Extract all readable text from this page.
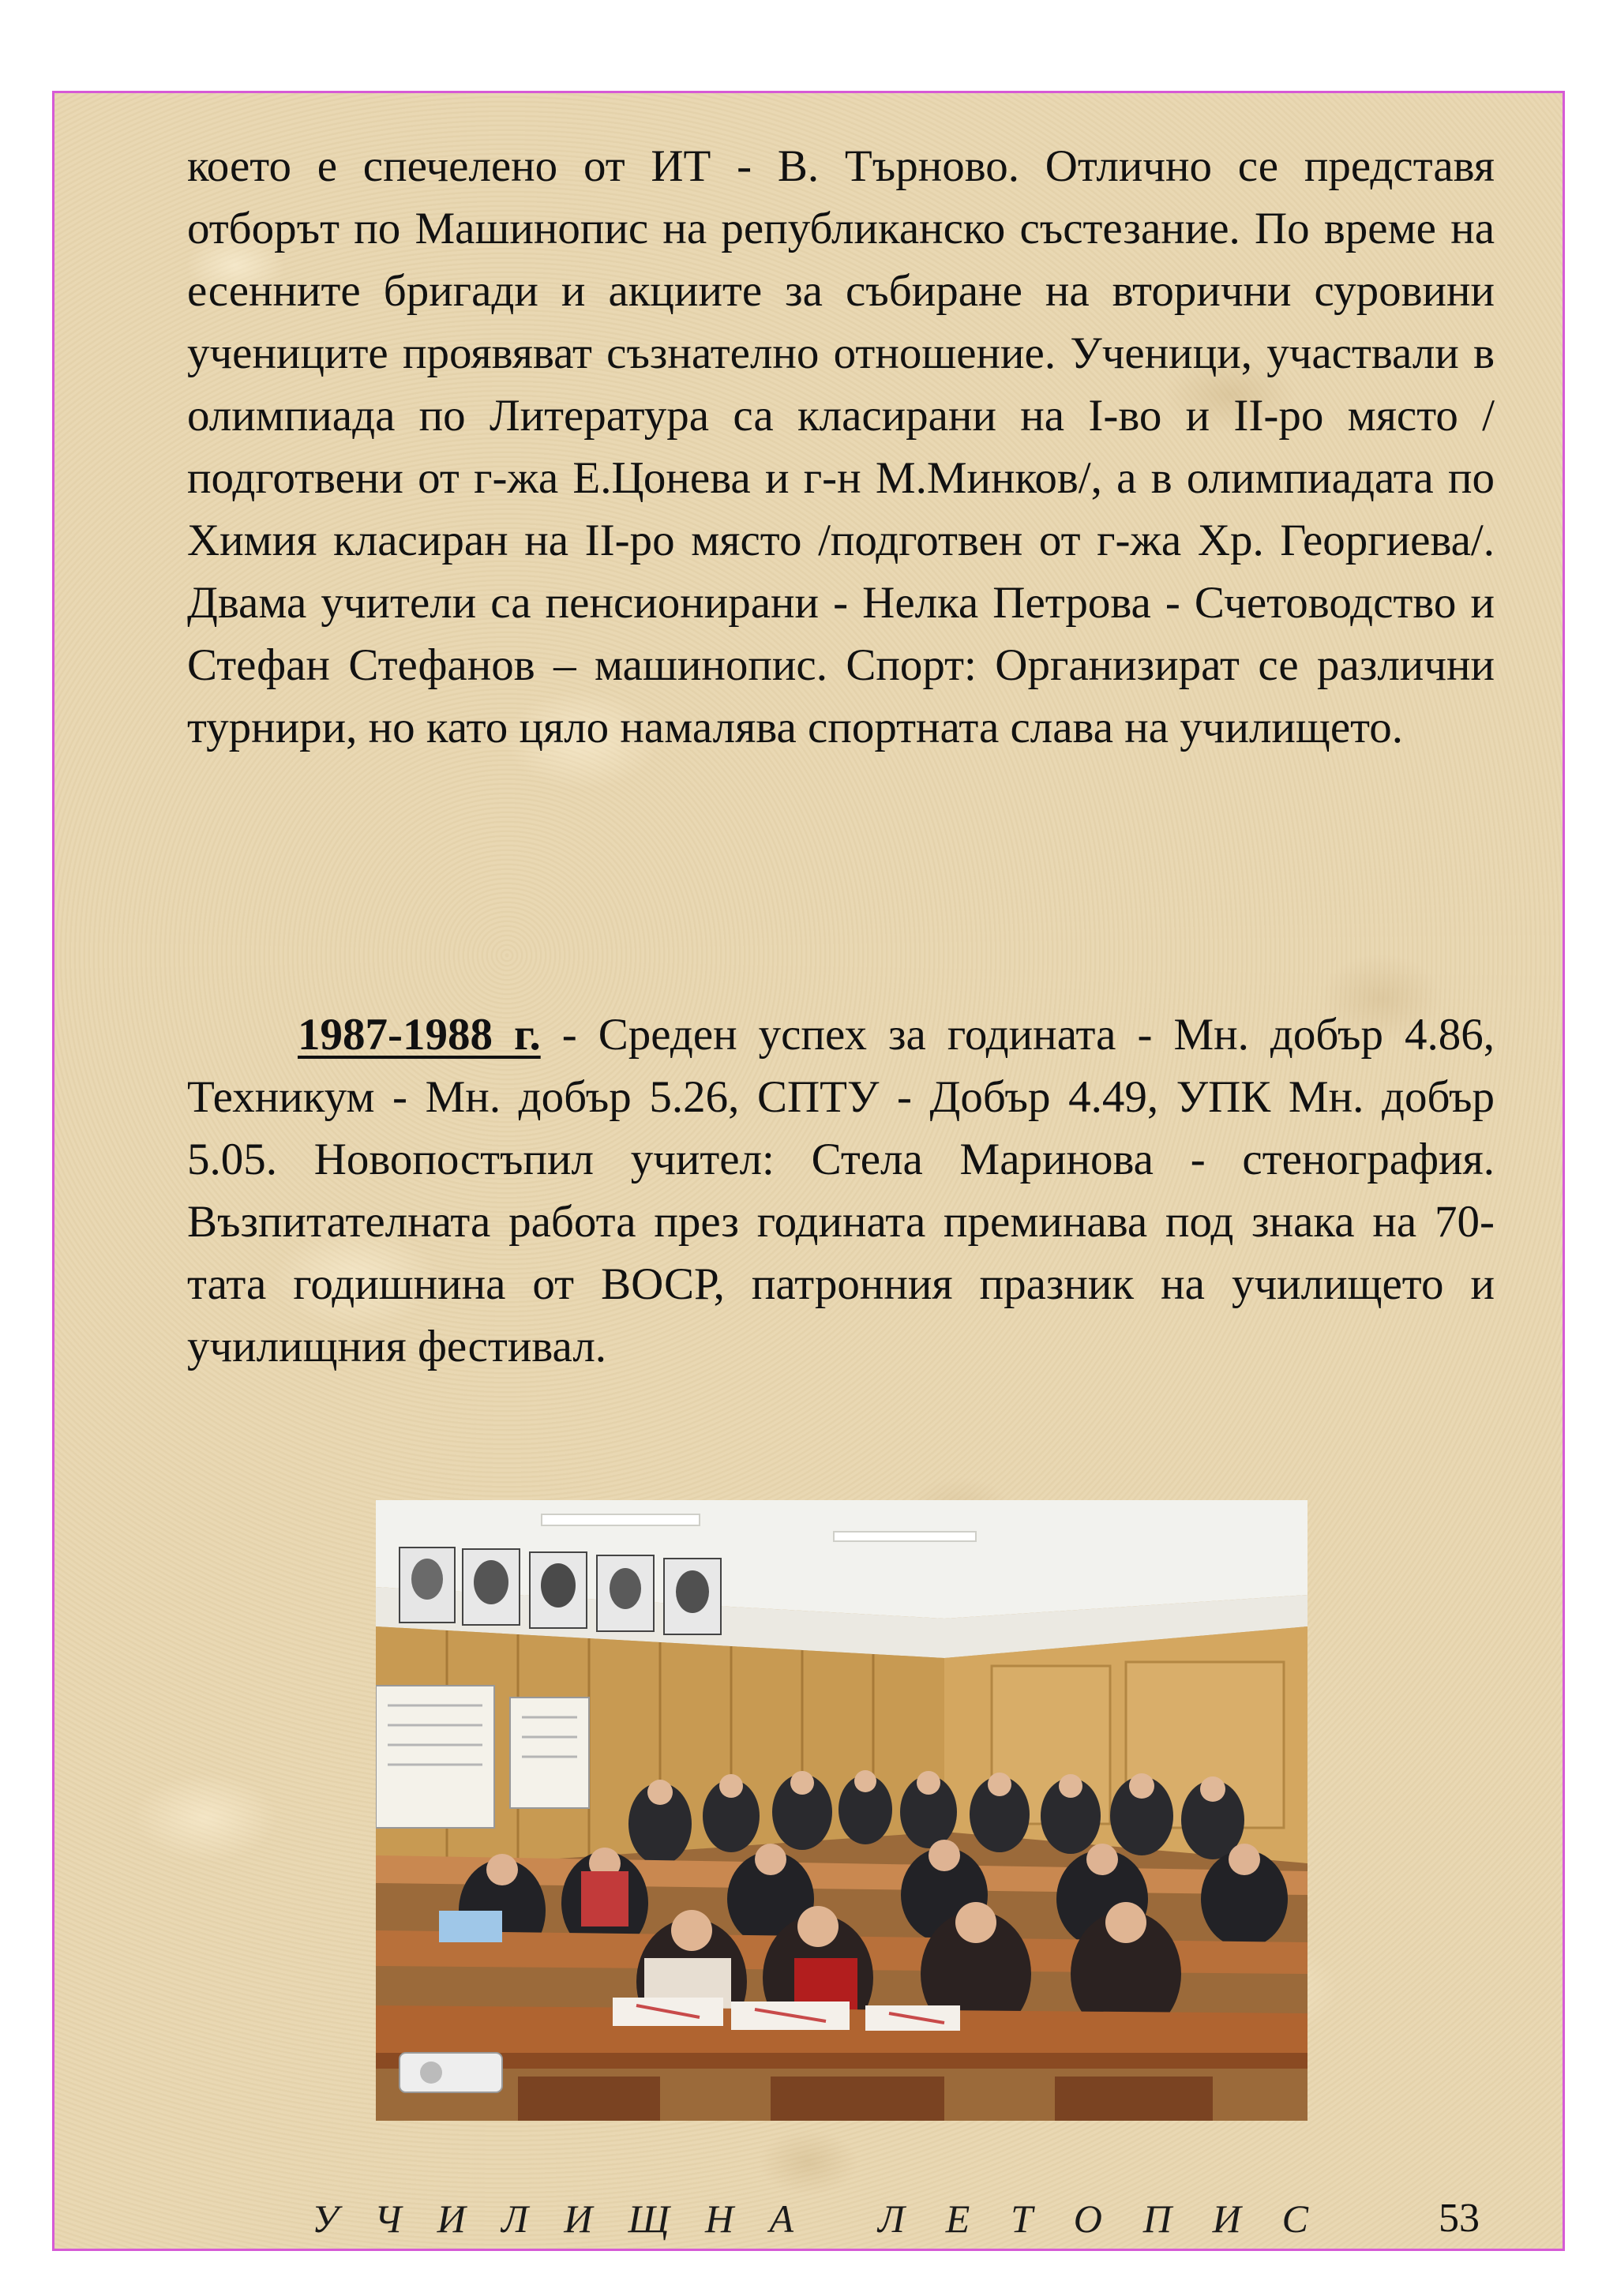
което е спечелено от ИТ - В. Търново. Отлично се представя отборът по Машинопис на републиканско състезание. По време на есенните бригади и акциите за събиране на вторични суровини учениците проявяват съзнателно отношение. Ученици, участвали в олимпиада по Литература са класирани на I-во и II-ро място /подготвени от г-жа Е.Цонева и г-н М.Минков/, а в олимпиадата по Химия класиран на II-ро място /подготвен от г-жа Хр. Георгиева/. Двама учители са пенсионирани - Нелка Петрова - Счетоводство и Стефан Стефанов – машинопис. Спорт: Организират се различни турнири, но като цяло намалява спортната слава на училището.

1987-1988 г. - Среден успех за годината - Мн. добър 4.86, Техникум - Мн. добър 5.26, СПТУ - Добър 4.49, УПК Мн. добър 5.05. Новопостъпил учител: Стела Маринова - стенография. Възпитателната работа през годината преминава под знака на 70-тата годишнина от ВОСР, патронния празник на училището и училищния фестивал.

У Ч И Л И Щ Н А Л Е Т О П И С	53
